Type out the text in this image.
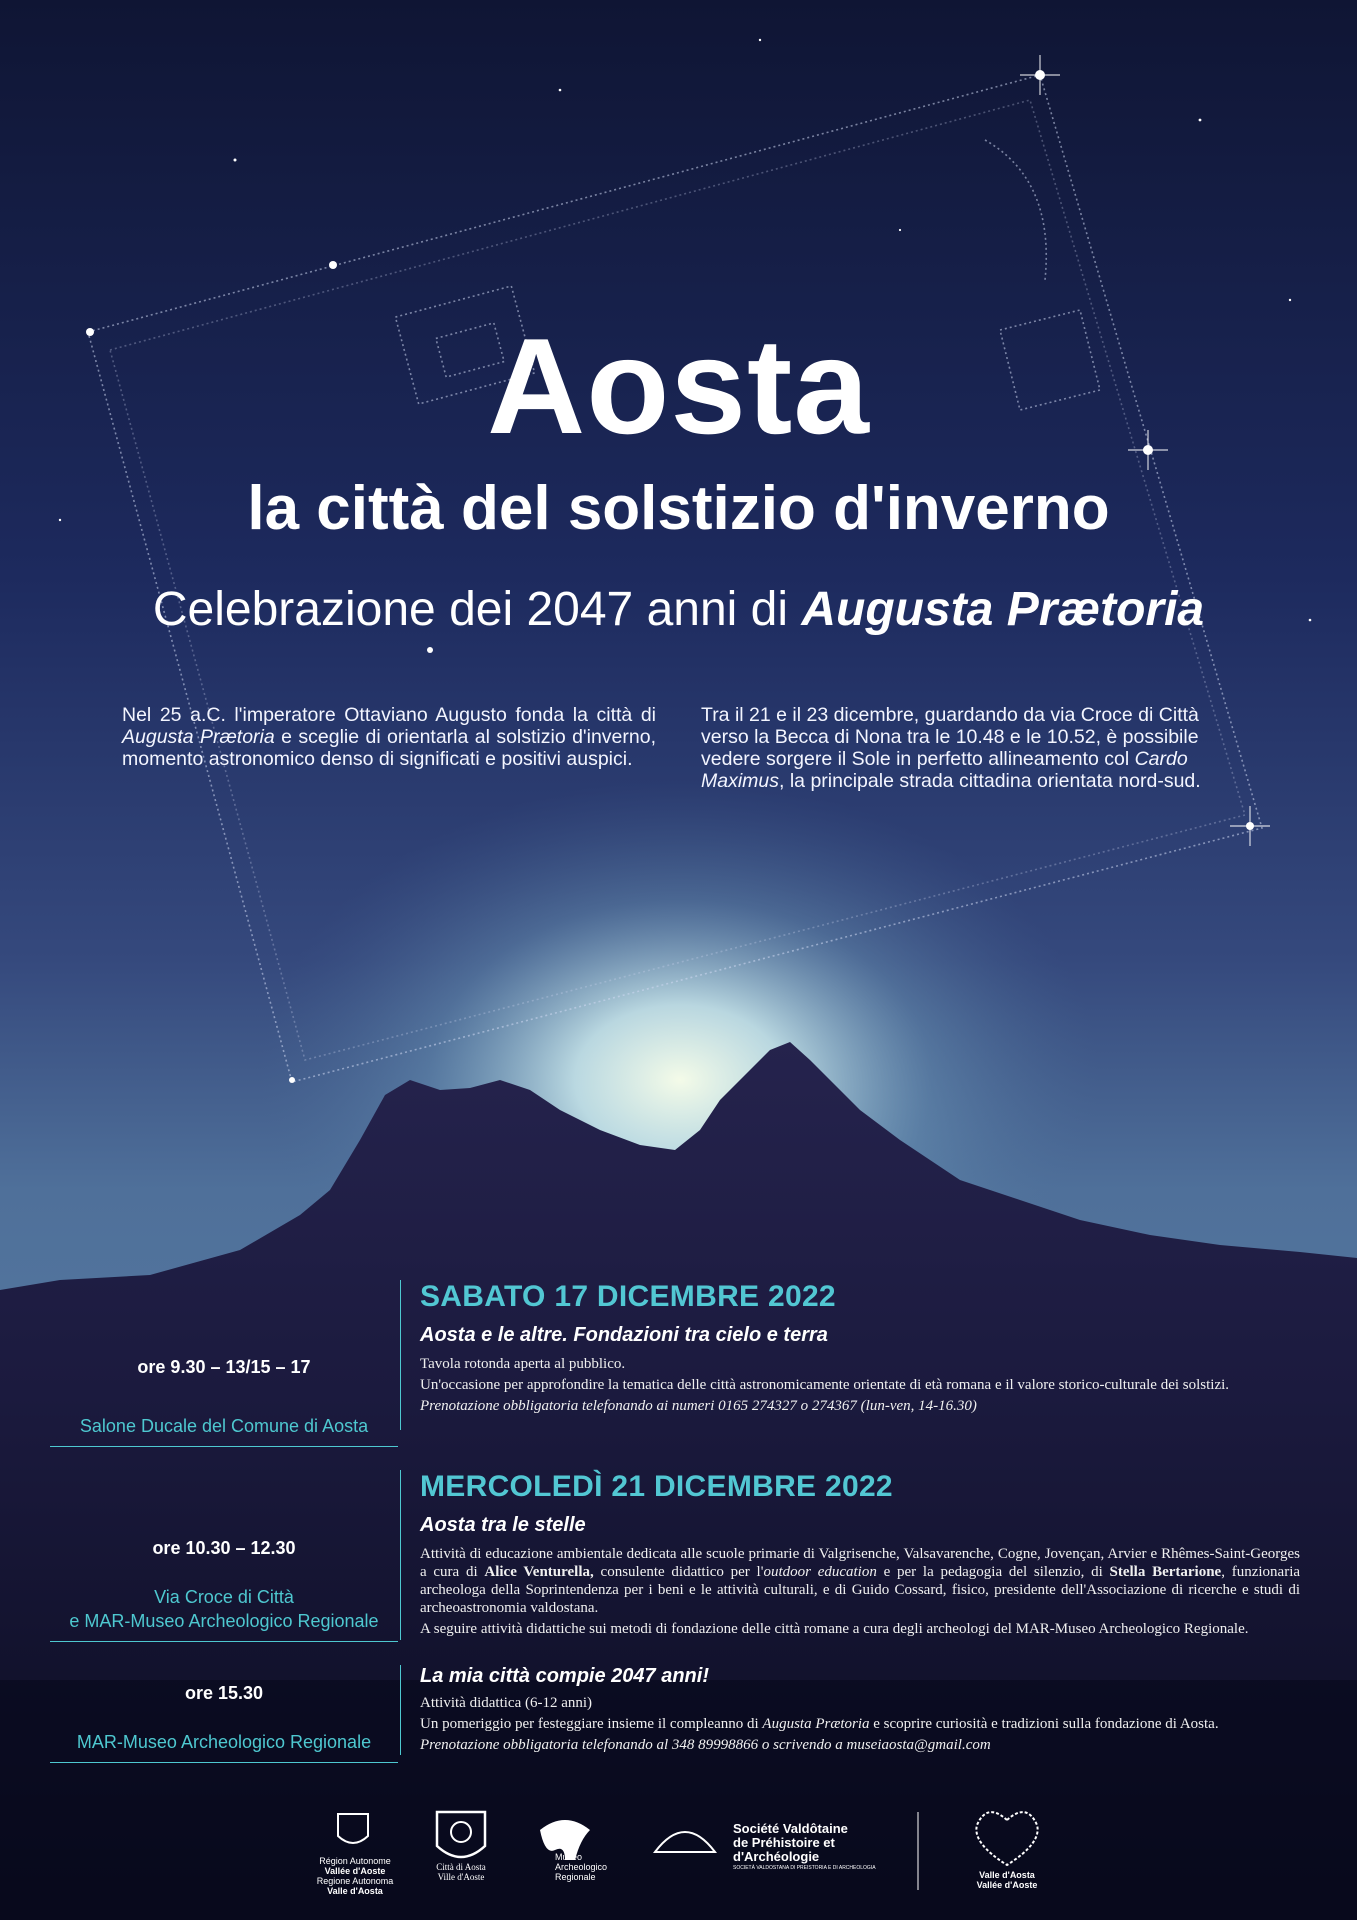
Aosta
la città del solstizio d'inverno
Celebrazione dei 2047 anni di Augusta Prætoria
Nel 25 a.C. l'imperatore Ottaviano Augusto fonda la città di Augusta Prætoria e sceglie di orientarla al solstizio d'inverno, momento astronomico denso di significati e positivi auspici.
Tra il 21 e il 23 dicembre, guardando da via Croce di Città verso la Becca di Nona tra le 10.48 e le 10.52, è possibile vedere sorgere il Sole in perfetto allineamento col Cardo Maximus, la principale strada cittadina orientata nord-sud.
ore 9.30 – 13/15 – 17
Salone Ducale del Comune di Aosta
SABATO 17 DICEMBRE 2022
Aosta e le altre. Fondazioni tra cielo e terra
Tavola rotonda aperta al pubblico.
Un'occasione per approfondire la tematica delle città astronomicamente orientate di età romana e il valore storico-culturale dei solstizi.
Prenotazione obbligatoria telefonando ai numeri 0165 274327 o 274367 (lun-ven, 14-16.30)
ore 10.30 – 12.30
Via Croce di Città
e MAR-Museo Archeologico Regionale
MERCOLEDÌ 21 DICEMBRE 2022
Aosta tra le stelle
Attività di educazione ambientale dedicata alle scuole primarie di Valgrisenche, Valsavarenche, Cogne, Jovençan, Arvier e Rhêmes-Saint-Georges a cura di Alice Venturella, consulente didattico per l'outdoor education e per la pedagogia del silenzio, di Stella Bertarione, funzionaria archeologa della Soprintendenza per i beni e le attività culturali, e di Guido Cossard, fisico, presidente dell'Associazione di ricerche e studi di archeoastronomia valdostana.
A seguire attività didattiche sui metodi di fondazione delle città romane a cura degli archeologi del MAR-Museo Archeologico Regionale.
ore 15.30
MAR-Museo Archeologico Regionale
La mia città compie 2047 anni!
Attività didattica (6-12 anni)
Un pomeriggio per festeggiare insieme il compleanno di Augusta Prætoria e scoprire curiosità e tradizioni sulla fondazione di Aosta.
Prenotazione obbligatoria telefonando al 348 89998866 o scrivendo a museiaosta@gmail.com
Région Autonome
Vallée d'Aoste
Regione Autonoma
Valle d'Aosta
Città di Aosta
Ville d'Aoste
Museo
Archeologico
Regionale
Société Valdôtaine
de Préhistoire et
d'Archéologie
SOCIETÀ VALDOSTANA DI PREISTORIA E DI ARCHEOLOGIA
Valle d'Aosta
Vallée d'Aoste
